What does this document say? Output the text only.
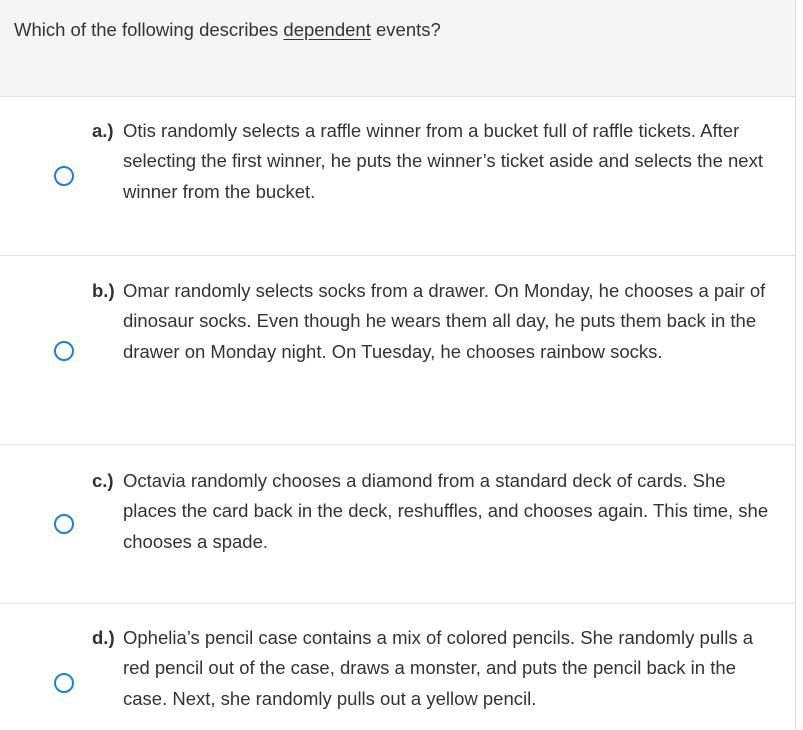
Which of the following describes dependent events?
a.) Otis randomly selects a raffle winner from a bucket full of raffle tickets. After selecting the first winner, he puts the winner’s ticket aside and selects the next winner from the bucket.
b.) Omar randomly selects socks from a drawer. On Monday, he chooses a pair of dinosaur socks. Even though he wears them all day, he puts them back in the drawer on Monday night. On Tuesday, he chooses rainbow socks.
c.) Octavia randomly chooses a diamond from a standard deck of cards. She places the card back in the deck, reshuffles, and chooses again. This time, she chooses a spade.
d.) Ophelia’s pencil case contains a mix of colored pencils. She randomly pulls a red pencil out of the case, draws a monster, and puts the pencil back in the case. Next, she randomly pulls out a yellow pencil.
